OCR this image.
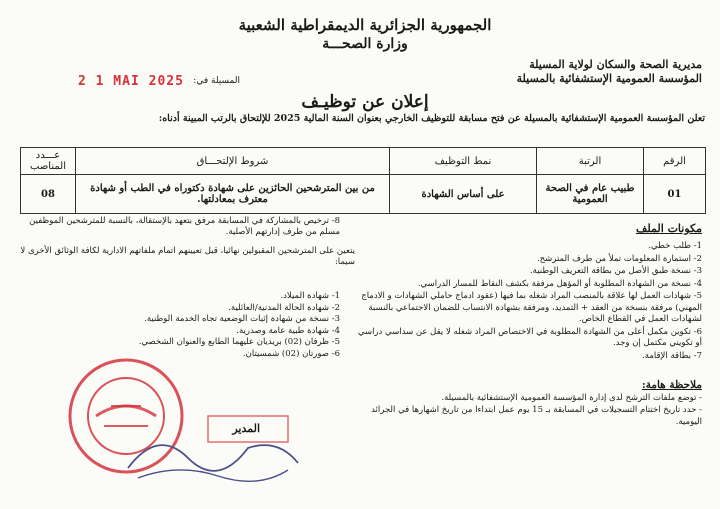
الجمهورية الجزائرية الديمقراطية الشعبية
وزارة الصحـــة
مديرية الصحة والسكان لولاية المسيلة
المؤسسة العمومية الإستشفائية بالمسيلة
المسيلة في:
2 1 MAI 2025
إعلان عن توظيـف
تعلن المؤسسة العمومية الإستشفائية بالمسيلة عن فتح مسابقة للتوظيف الخارجي بعنوان السنة المالية 2025 للإلتحاق بالرتب المبينة أدناه:
الرقم	الرتبة	نمط التوظيف	شروط الإلتحـــاق	عـــدد المناصب
01	طبيب عام في الصحة العمومية	على أساس الشهادة	من بين المترشحين الحائزين على شهادة دكتوراه في الطب أو شهادة معترف بمعادلتها.	08
8- ترخيص بالمشاركة في المسابقة مرفق بتعهد بالإستقالة، بالنسبة للمترشحين الموظفين مسلم من طرف إدارتهم الأصلية.
يتعين على المترشحين المقبولين نهائيا، قبل تعيينهم اتمام ملفاتهم الادارية لكافة الوثائق الأخرى لا سيما:
1- شهادة الميلاد.
2- شهادة الحالة المدنية/العائلية.
3- نسخة من شهادة إثبات الوضعية تجاه الخدمة الوطنية.
4- شهادة طبية عامة وصدرية.
5- ظرفان (02) بريديان عليهما الطابع والعنوان الشخصي.
6- صورتان (02) شمسيتان.
مكونات الملف
1- طلب خطي.
2- استمارة المعلومات تملأ من طرف المترشح.
3- نسخة طبق الأصل من بطاقة التعريف الوطنية.
4- نسخة من الشهادة المطلوبة أو المؤهل مرفقة بكشف النقاط للمسار الدراسي.
5- شهادات العمل لها علاقة بالمنصب المراد شغله بما فيها (عقود ادماج حاملي الشهادات و الادماج المهني) مرفقة بنسخة من العقد + التمديد، ومرفقة بشهادة الانتساب للضمان الاجتماعي بالنسبة لشهادات العمل في القطاع الخاص.
6- تكوين مكمل أعلى من الشهادة المطلوبة في الاختصاص المراد شغله لا يقل عن سداسي دراسي أو تكويني مكتمل إن وجد.
7- بطاقة الإقامة.
ملاحظة هامة:
- توضع ملفات الترشح لدى إدارة المؤسسة العمومية الإستشفائية بالمسيلة.
- حدد تاريخ اختتام التسجيلات في المسابقة بـ 15 يوم عمل ابتداءا من تاريخ اشهارها في الجرائد اليومية.
المدير
